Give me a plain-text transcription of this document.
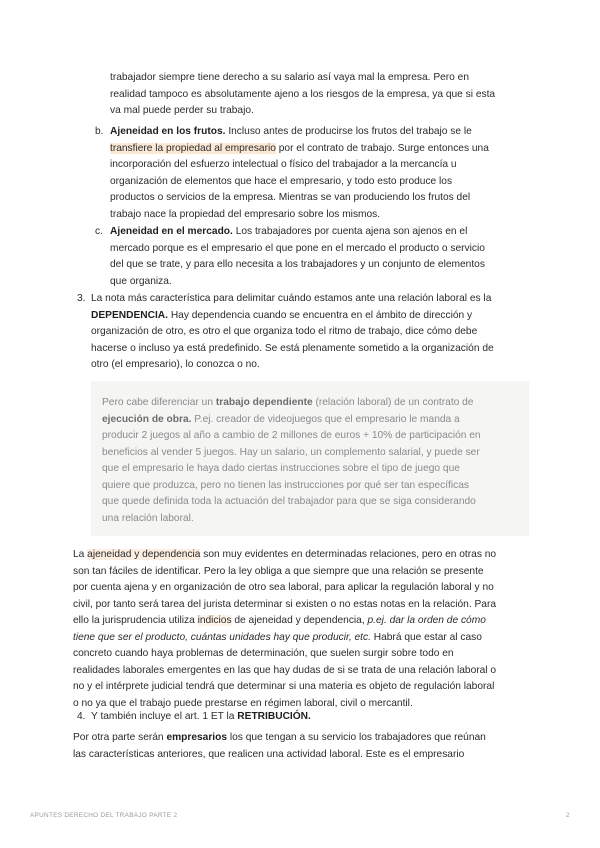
trabajador siempre tiene derecho a su salario así vaya mal la empresa. Pero en

realidad tampoco es absolutamente ajeno a los riesgos de la empresa, ya que si esta

va mal puede perder su trabajo.

b. Ajeneidad en los frutos. Incluso antes de producirse los frutos del trabajo se le

transfiere la propiedad al empresario por el contrato de trabajo. Surge entonces una

incorporación del esfuerzo intelectual o físico del trabajador a la mercancía u

organización de elementos que hace el empresario, y todo esto produce los

productos o servicios de la empresa. Mientras se van produciendo los frutos del

trabajo nace la propiedad del empresario sobre los mismos.

c. Ajeneidad en el mercado. Los trabajadores por cuenta ajena son ajenos en el

mercado porque es el empresario el que pone en el mercado el producto o servicio

del que se trate, y para ello necesita a los trabajadores y un conjunto de elementos

que organiza.

3. La nota más característica para delimitar cuándo estamos ante una relación laboral es la

DEPENDENCIA. Hay dependencia cuando se encuentra en el ámbito de dirección y

organización de otro, es otro el que organiza todo el ritmo de trabajo, dice cómo debe

hacerse o incluso ya está predefinido. Se está plenamente sometido a la organización de

otro (el empresario), lo conozca o no.

Pero cabe diferenciar un trabajo dependiente (relación laboral) de un contrato de

ejecución de obra. P.ej. creador de videojuegos que el empresario le manda a

producir 2 juegos al año a cambio de 2 millones de euros + 10% de participación en

beneficios al vender 5 juegos. Hay un salario, un complemento salarial, y puede ser

que el empresario le haya dado ciertas instrucciones sobre el tipo de juego que

quiere que produzca, pero no tienen las instrucciones por qué ser tan específicas

que quede definida toda la actuación del trabajador para que se siga considerando

una relación laboral.

La ajeneidad y dependencia son muy evidentes en determinadas relaciones, pero en otras no

son tan fáciles de identificar. Pero la ley obliga a que siempre que una relación se presente

por cuenta ajena y en organización de otro sea laboral, para aplicar la regulación laboral y no

civil, por tanto será tarea del jurista determinar si existen o no estas notas en la relación. Para

ello la jurisprudencia utiliza indicios de ajeneidad y dependencia, p.ej. dar la orden de cómo

tiene que ser el producto, cuántas unidades hay que producir, etc. Habrá que estar al caso

concreto cuando haya problemas de determinación, que suelen surgir sobre todo en

realidades laborales emergentes en las que hay dudas de si se trata de una relación laboral o

no y el intérprete judicial tendrá que determinar si una materia es objeto de regulación laboral

o no ya que el trabajo puede prestarse en régimen laboral, civil o mercantil.

4. Y también incluye el art. 1 ET la RETRIBUCIÓN.

Por otra parte serán empresarios los que tengan a su servicio los trabajadores que reúnan

las características anteriores, que realicen una actividad laboral. Este es el empresario

APUNTES DERECHO DEL TRABAJO PARTE 2	2
